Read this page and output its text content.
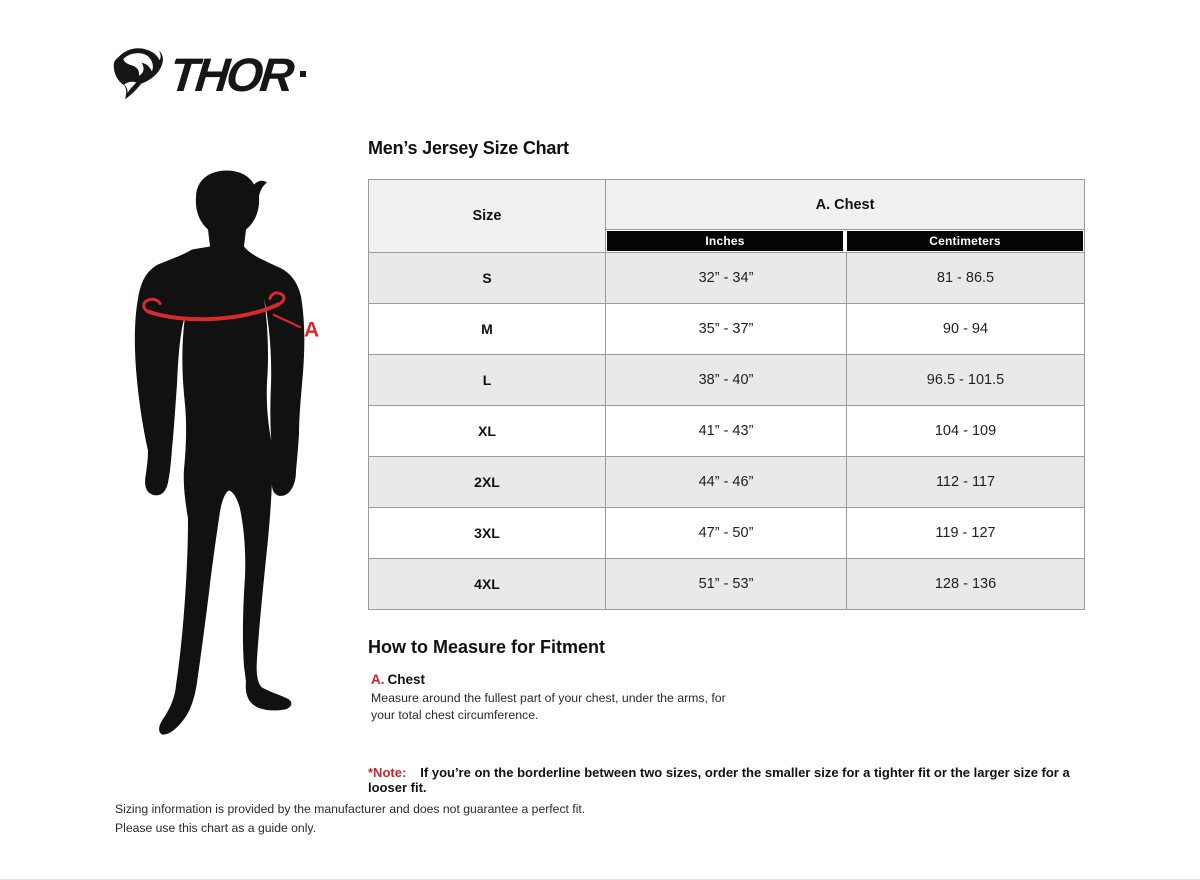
THOR
A
Men’s Jersey Size Chart
Size	A. Chest	

Inches Centimeters	

S	32” - 34”	81 - 86.5
M	35” - 37”	90 - 94
L	38” - 40”	96.5 - 101.5
XL	41” - 43”	104 - 109
2XL	44” - 46”	112 - 117
3XL	47” - 50”	119 - 127
4XL	51” - 53”	128 - 136
How to Measure for Fitment
A. Chest
Measure around the fullest part of your chest, under the arms, for your total chest circumference.
*Note: If you’re on the borderline between two sizes, order the smaller size for a tighter fit or the larger size for a looser fit.
Sizing information is provided by the manufacturer and does not guarantee a perfect fit.
Please use this chart as a guide only.
